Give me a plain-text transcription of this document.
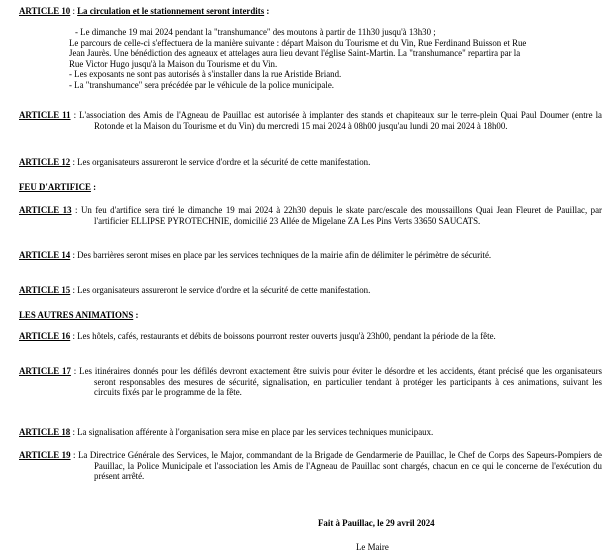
ARTICLE 10 : La circulation et le stationnement seront interdits :

- Le dimanche 19 mai 2024 pendant la "transhumance" des moutons à partir de 11h30 jusqu'à 13h30 ;
Le parcours de celle-ci s'effectuera de la manière suivante : départ Maison du Tourisme et du Vin, Rue Ferdinand Buisson et Rue Jean Jaurès. Une bénédiction des agneaux et attelages aura lieu devant l'église Saint-Martin. La "transhumance" repartira par la Rue Victor Hugo jusqu'à la Maison du Tourisme et du Vin.
- Les exposants ne sont pas autorisés à s'installer dans la rue Aristide Briand.
- La "transhumance" sera précédée par le véhicule de la police municipale.

ARTICLE 11 : L'association des Amis de l'Agneau de Pauillac est autorisée à implanter des stands et chapiteaux sur le terre-plein Quai Paul Doumer (entre la Rotonde et la Maison du Tourisme et du Vin) du mercredi 15 mai 2024 à 08h00 jusqu'au lundi 20 mai 2024 à 18h00.

ARTICLE 12 : Les organisateurs assureront le service d'ordre et la sécurité de cette manifestation.

FEU D'ARTIFICE :

ARTICLE 13 : Un feu d'artifice sera tiré le dimanche 19 mai 2024 à 22h30 depuis le skate parc/escale des moussaillons Quai Jean Fleuret de Pauillac, par l'artificier ELLIPSE PYROTECHNIE, domicilié 23 Allée de Migelane ZA Les Pins Verts 33650 SAUCATS.

ARTICLE 14 : Des barrières seront mises en place par les services techniques de la mairie afin de délimiter le périmètre de sécurité.

ARTICLE 15 : Les organisateurs assureront le service d'ordre et la sécurité de cette manifestation.

LES AUTRES ANIMATIONS :

ARTICLE 16 : Les hôtels, cafés, restaurants et débits de boissons pourront rester ouverts jusqu'à 23h00, pendant la période de la fête.

ARTICLE 17 : Les itinéraires donnés pour les défilés devront exactement être suivis pour éviter le désordre et les accidents, étant précisé que les organisateurs seront responsables des mesures de sécurité, signalisation, en particulier tendant à protéger les participants à ces animations, suivant les circuits fixés par le programme de la fête.

ARTICLE 18 : La signalisation afférente à l'organisation sera mise en place par les services techniques municipaux.

ARTICLE 19 : La Directrice Générale des Services, le Major, commandant de la Brigade de Gendarmerie de Pauillac, le Chef de Corps des Sapeurs-Pompiers de Pauillac, la Police Municipale et l'association les Amis de l'Agneau de Pauillac sont chargés, chacun en ce qui le concerne de l'exécution du présent arrêté.

Fait à Pauillac, le 29 avril 2024
Le Maire
